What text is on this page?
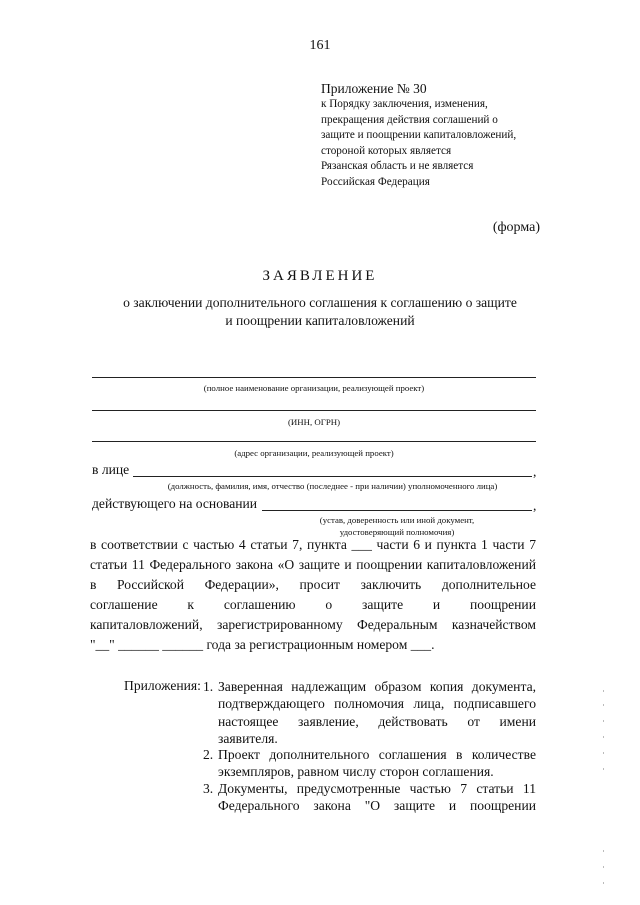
161
Приложение № 30
к Порядку заключения, изменения,
прекращения действия соглашений о
защите и поощрении капиталовложений,
стороной которых является
Рязанская область и не является
Российская Федерация
(форма)
ЗАЯВЛЕНИЕ
о заключении дополнительного соглашения к соглашению о защите
и поощрении капиталовложений
(полное наименование организации, реализующей проект)
(ИНН, ОГРН)
(адрес организации, реализующей проект)
в лице	,
(должность, фамилия, имя, отчество (последнее - при наличии) уполномоченного лица)
действующего на основании	,
(устав, доверенность или иной документ,
удостоверяющий полномочия)
в соответствии с частью 4 статьи 7, пункта ___ части 6 и пункта 1 части 7
статьи 11 Федерального закона «О защите и поощрении капиталовложений
в Российской Федерации», просит заключить дополнительное
соглашение к соглашению о защите и поощрении
капиталовложений, зарегистрированному Федеральным казначейством
"__" ______ ______ года за регистрационным номером ___.
Приложения: 1. Заверенная надлежащим образом копия документа,
подтверждающего полномочия лица, подписавшего
настоящее заявление, действовать от имени
заявителя.
2. Проект дополнительного соглашения в количестве
экземпляров, равном числу сторон соглашения.
3. Документы, предусмотренные частью 7 статьи 11
Федерального закона "О защите и поощрении
